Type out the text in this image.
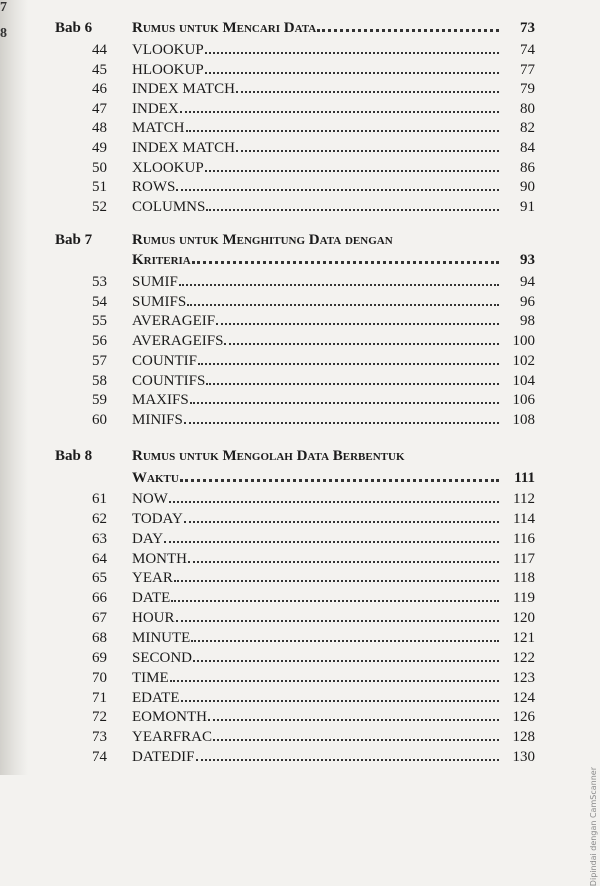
7
8	Bab 6	Rumus untuk Mencari Data	73
44 VLOOKUP	74
45 HLOOKUP	77
46 INDEX MATCH	79
47 INDEX	80
48 MATCH	82
49 INDEX MATCH	84
50 XLOOKUP	86
51 ROWS	90
52 COLUMNS	91
Bab 7	Rumus untuk Menghitung Data dengan
Kriteria	93
53 SUMIF	94
54 SUMIFS	96
55 AVERAGEIF	98
56 AVERAGEIFS	100
57 COUNTIF	102
58 COUNTIFS	104
59 MAXIFS	106
60 MINIFS	108
Bab 8	Rumus untuk Mengolah Data Berbentuk
Waktu	111
61 NOW	112
62 TODAY	114
63 DAY	116
64 MONTH	117
65 YEAR	118
66 DATE	119
67 HOUR	120
68 MINUTE	121
69 SECOND	122
70 TIME	123
71 EDATE	124
72 EOMONTH	126
73 YEARFRAC	128
74 DATEDIF	130
Dipindai dengan CamScanner
